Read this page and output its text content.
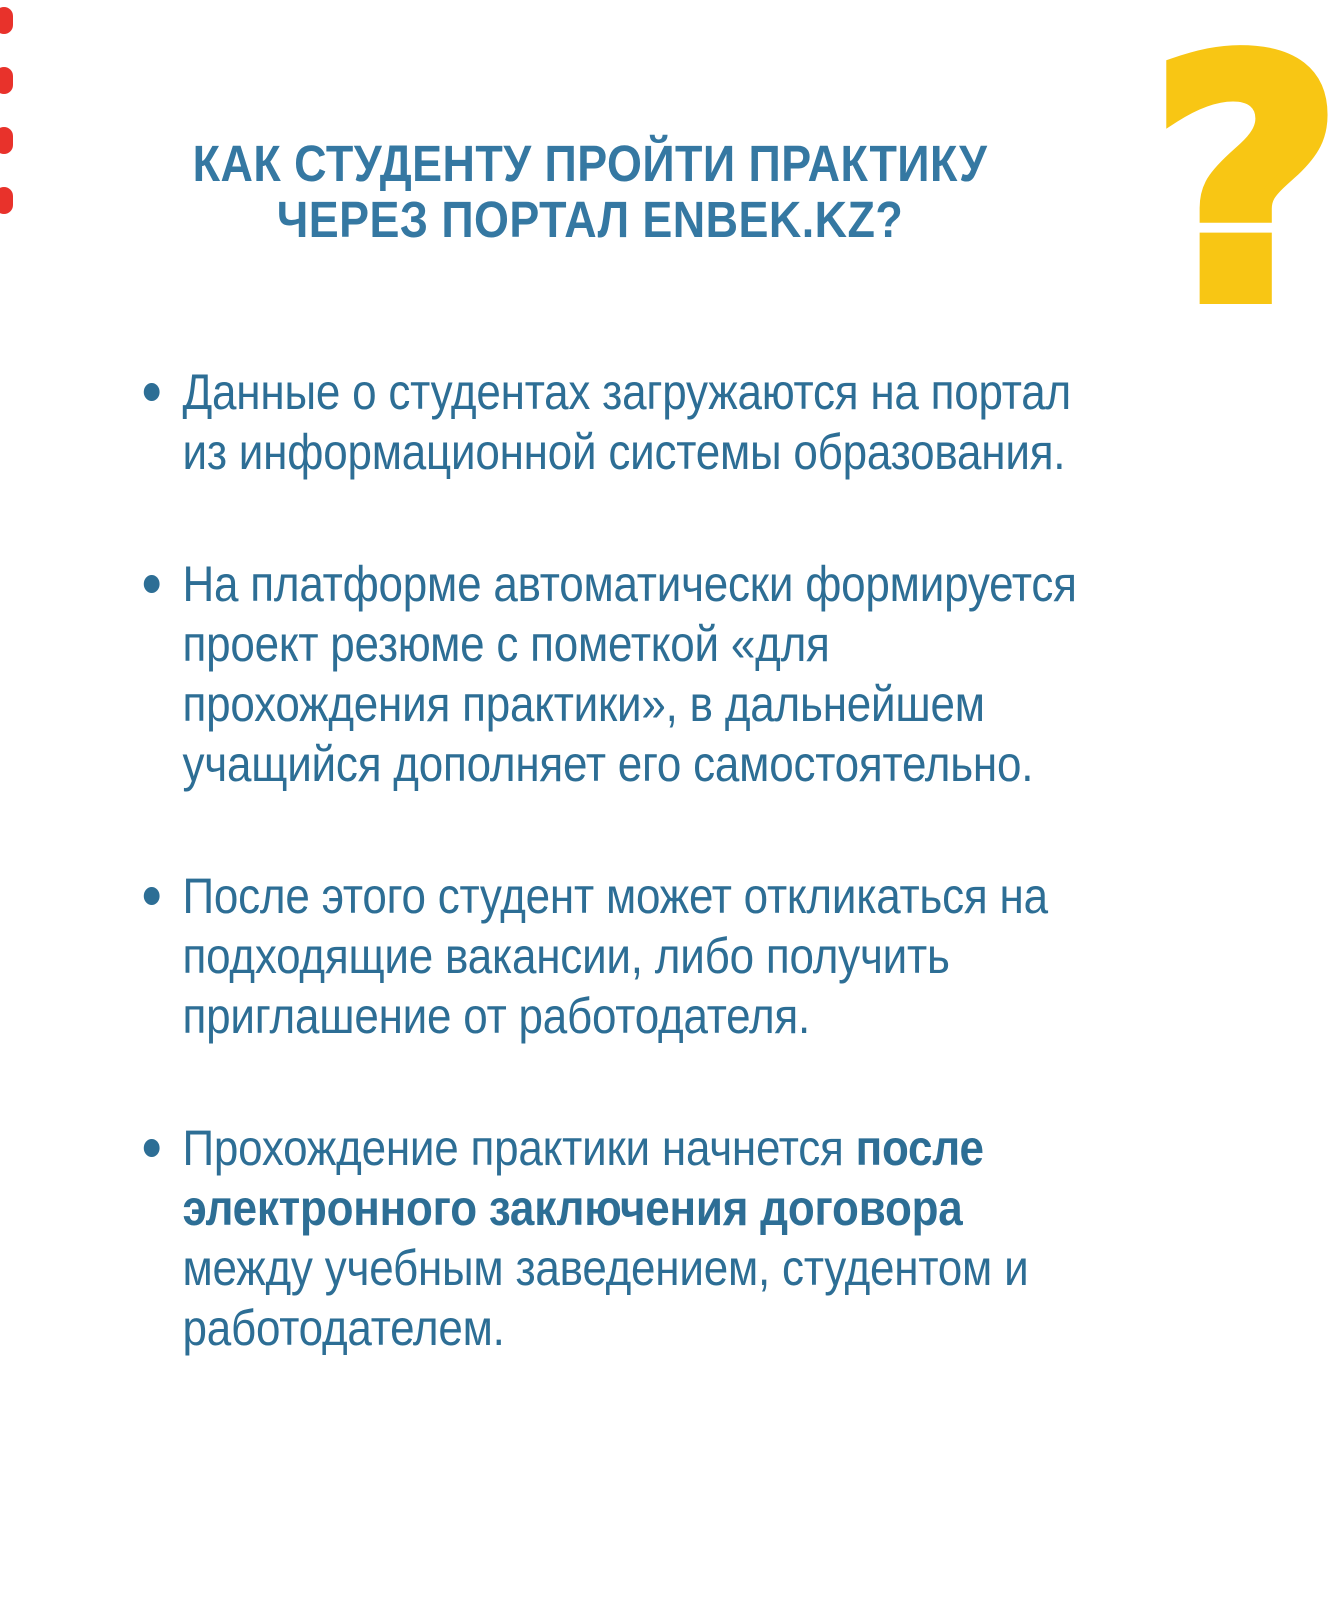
?
КАК СТУДЕНТУ ПРОЙТИ ПРАКТИКУ
ЧЕРЕЗ ПОРТАЛ ENBEK.KZ?
Данные о студентах загружаются на портал из информационной системы образования.
На платформе автоматически формируется проект резюме с пометкой «для прохождения практики», в дальнейшем учащийся дополняет его самостоятельно.
После этого студент может откликаться на подходящие вакансии, либо получить приглашение от работодателя.
Прохождение практики начнется после электронного заключения договора между учебным заведением, студентом и работодателем.
